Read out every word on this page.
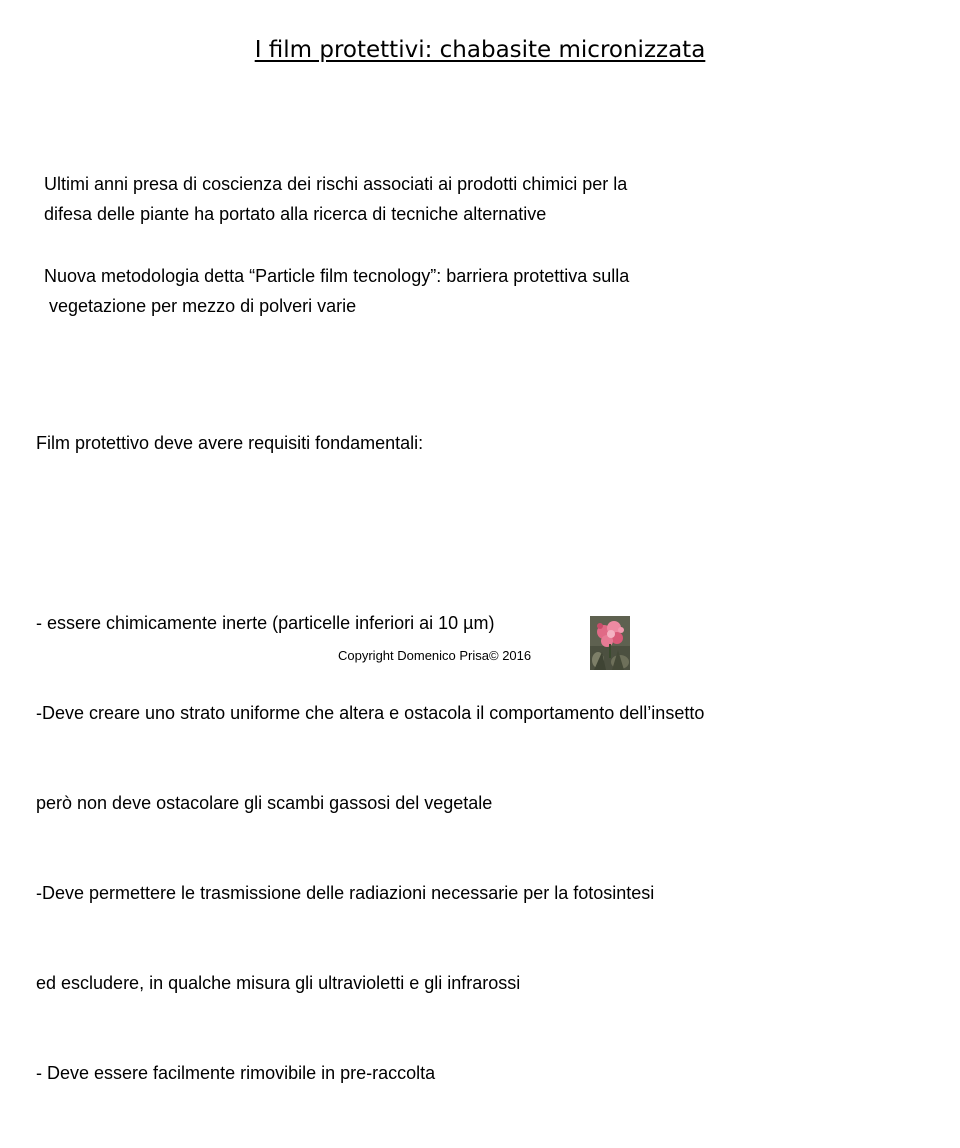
I film protettivi: chabasite micronizzata

Ultimi anni presa di coscienza dei rischi associati ai prodotti chimici per la
difesa delle piante ha portato alla ricerca di tecniche alternative

Nuova metodologia detta “Particle film tecnology”: barriera protettiva sulla
vegetazione per mezzo di polveri varie

Film protettivo deve avere requisiti fondamentali:

- essere chimicamente inerte (particelle inferiori ai 10 µm)

-Deve creare uno strato uniforme che altera e ostacola il comportamento dell’insetto

però non deve ostacolare gli scambi gassosi del vegetale

-Deve permettere le trasmissione delle radiazioni necessarie per la fotosintesi

ed escludere, in qualche misura gli ultravioletti e gli infrarossi

- Deve essere facilmente rimovibile in pre-raccolta

Copyright Domenico Prisa© 2016
